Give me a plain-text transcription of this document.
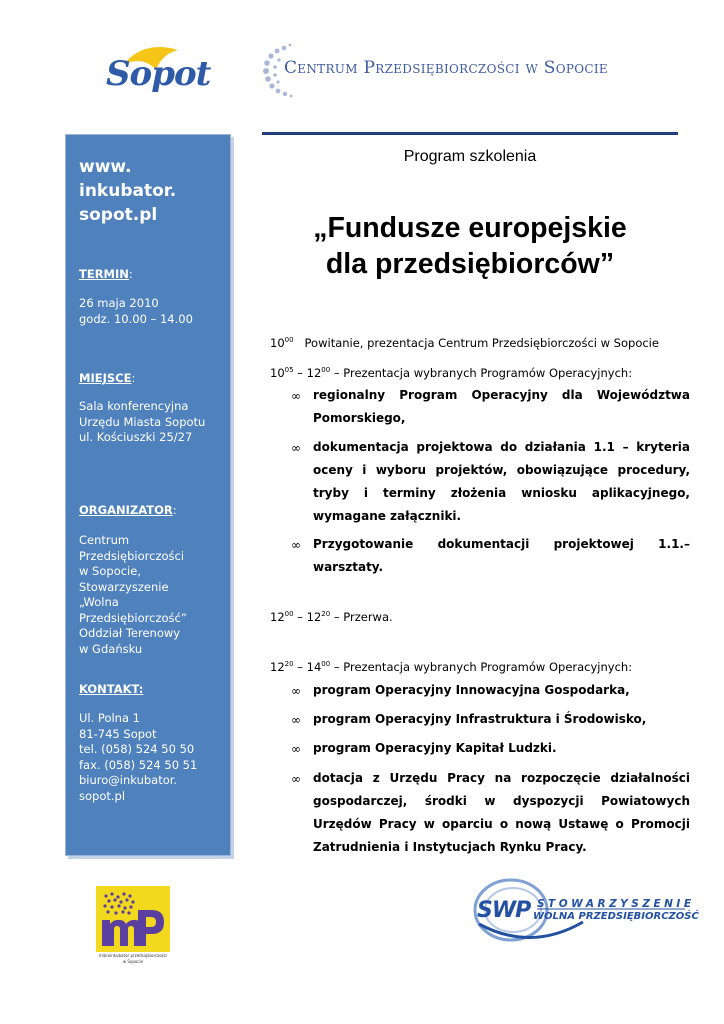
Sopot	Centrum Przedsiębiorczości w Sopocie
www.
inkubator.
sopot.pl
TERMIN:
26 maja 2010
godz. 10.00 – 14.00
MIEJSCE:
Sala konferencyjna
Urzędu Miasta Sopotu
ul. Kościuszki 25/27
ORGANIZATOR:
Centrum
Przedsiębiorczości
w Sopocie,
Stowarzyszenie
„Wolna
Przedsiębiorczość”
Oddział Terenowy
w Gdańsku
KONTAKT:
Ul. Polna 1
81-745 Sopot
tel. (058) 524 50 50
fax. (058) 524 50 51
biuro@inkubator.
sopot.pl
Program szkolenia
„Fundusze europejskie
dla przedsiębiorców”
$10^{00}$ Powitanie, prezentacja Centrum Przedsiębiorczości w Sopocie
$10^{05} - 12^{00}$ – Prezentacja wybranych Programów Operacyjnych:
∞ regionalny Program Operacyjny dla Województwa Pomorskiego,
∞ dokumentacja projektowa do działania 1.1 – kryteria oceny i wyboru projektów, obowiązujące procedury, tryby i terminy złożenia wniosku aplikacyjnego, wymagane załączniki.
∞ Przygotowanie dokumentacji projektowej 1.1.– warsztaty.
$12^{00} - 12^{20}$ – Przerwa.
$12^{20} - 14^{00}$ – Prezentacja wybranych Programów Operacyjnych:
∞ program Operacyjny Innowacyjna Gospodarka,
∞ program Operacyjny Infrastruktura i Środowisko,
∞ program Operacyjny Kapitał Ludzki.
∞ dotacja z Urzędu Pracy na rozpoczęcie działalności gospodarczej, środki w dyspozycji Powiatowych Urzędów Pracy w oparciu o nową Ustawę o Promocji Zatrudnienia i Instytucjach Rynku Pracy.
mikroinkubator przedsiębiorczości
w Sopocie
SWP STOWARZYSZENIE
WOLNA PRZEDSIĘBIORCZOŚĆ
